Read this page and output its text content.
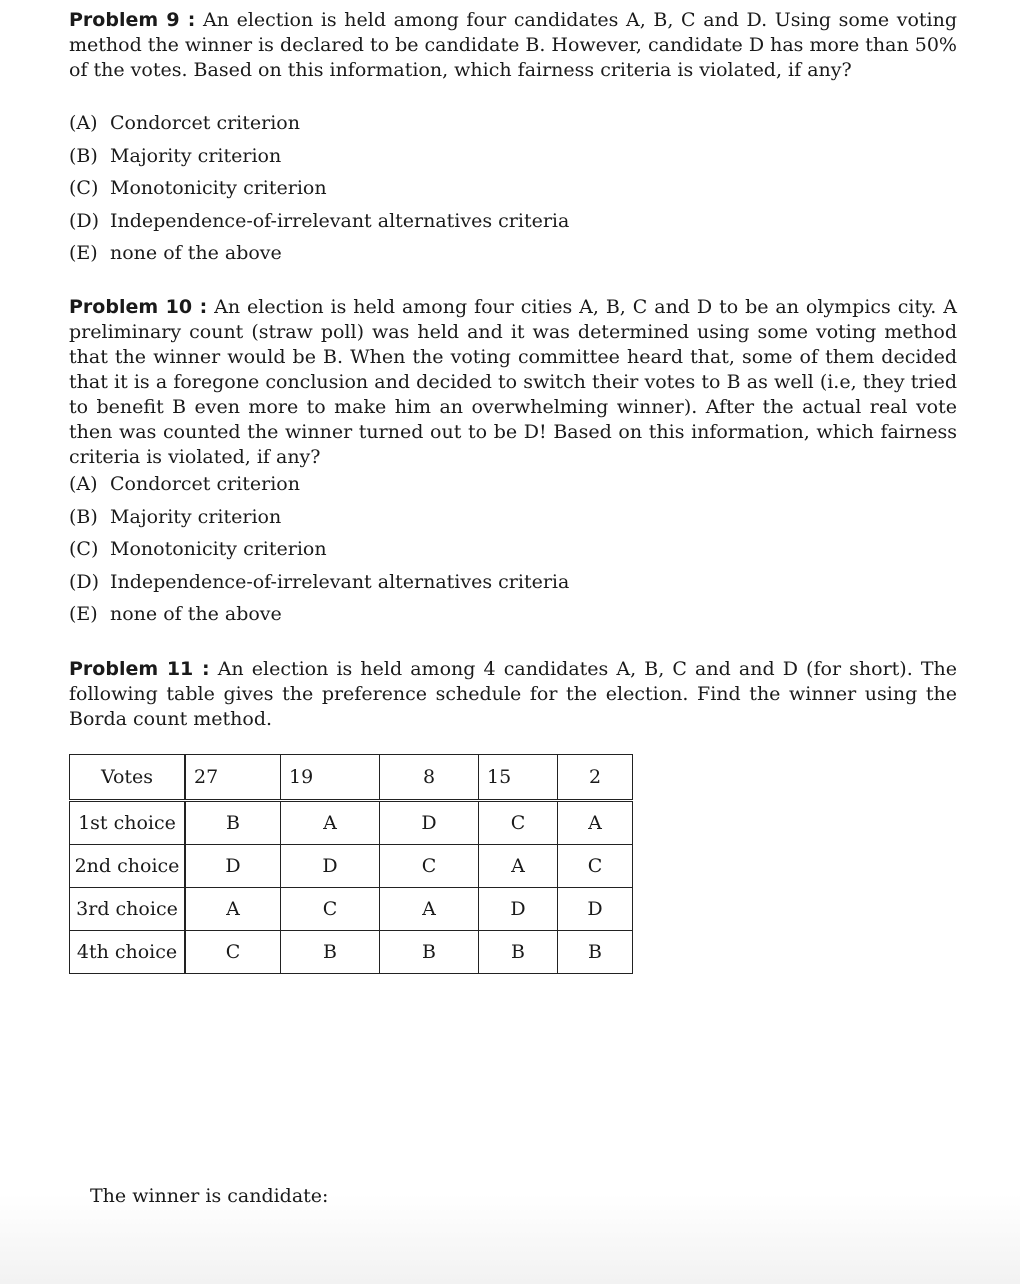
Problem 9 : An election is held among four candidates A, B, C and D. Using some voting method the winner is declared to be candidate B. However, candidate D has more than 50% of the votes. Based on this information, which fairness criteria is violated, if any?
(A) Condorcet criterion
(B) Majority criterion
(C) Monotonicity criterion
(D) Independence-of-irrelevant alternatives criteria
(E) none of the above
Problem 10 : An election is held among four cities A, B, C and D to be an olympics city. A preliminary count (straw poll) was held and it was determined using some voting method that the winner would be B. When the voting committee heard that, some of them decided that it is a foregone conclusion and decided to switch their votes to B as well (i.e, they tried to benefit B even more to make him an overwhelming winner). After the actual real vote then was counted the winner turned out to be D! Based on this information, which fairness criteria is violated, if any?
(A) Condorcet criterion
(B) Majority criterion
(C) Monotonicity criterion
(D) Independence-of-irrelevant alternatives criteria
(E) none of the above
Problem 11 : An election is held among 4 candidates A, B, C and and D (for short). The following table gives the preference schedule for the election. Find the winner using the Borda count method.
Votes	27	19	8	15	2
1st choice	B	A	D	C	A
2nd choice	D	D	C	A	C
3rd choice	A	C	A	D	D
4th choice	C	B	B	B	B
The winner is candidate:
